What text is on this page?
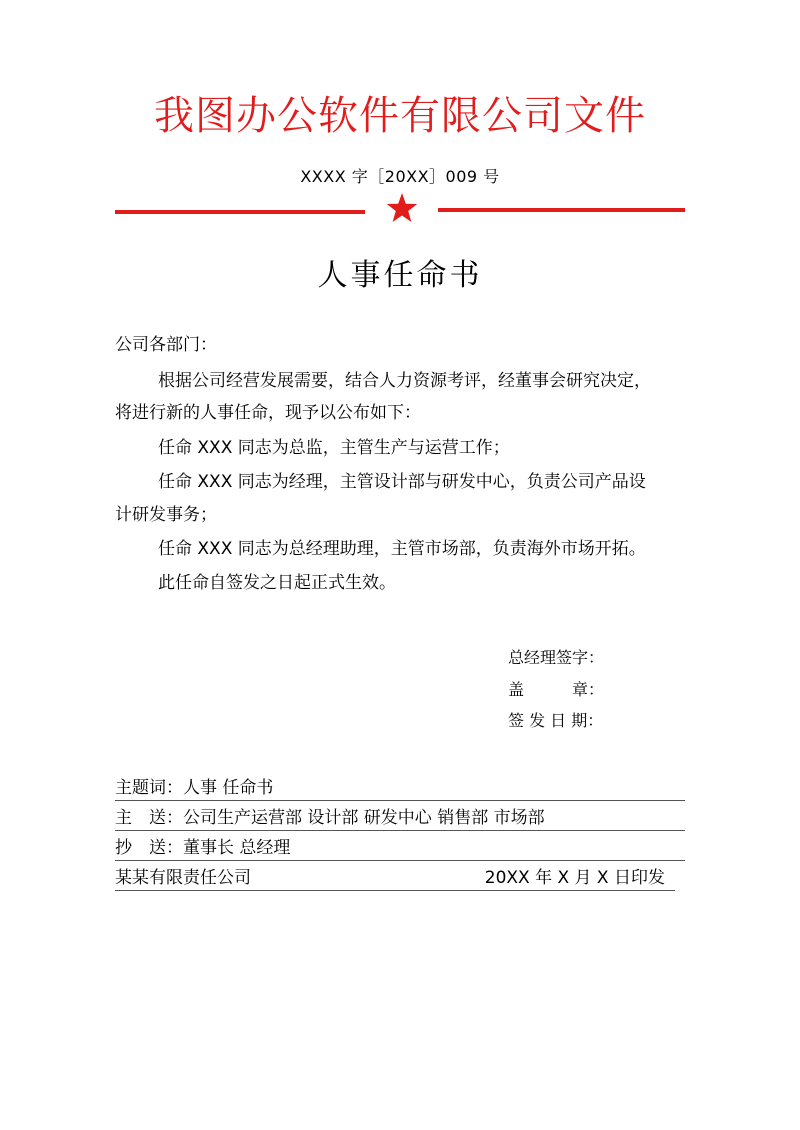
我图办公软件有限公司文件
XXXX 字［20XX］009 号
人事任命书
公司各部门：
根据公司经营发展需要，结合人力资源考评，经董事会研究决定，
将进行新的人事任命，现予以公布如下：
任命 XXX 同志为总监，主管生产与运营工作；
任命 XXX 同志为经理，主管设计部与研发中心，负责公司产品设
计研发事务；
任命 XXX 同志为总经理助理，主管市场部，负责海外市场开拓。
此任命自签发之日起正式生效。
总经理签字：
盖　　　章：
签 发 日 期：
主题词：人事 任命书
主　送：公司生产运营部 设计部 研发中心 销售部 市场部
抄　送：董事长 总经理
某某有限责任公司	20XX 年 X 月 X 日印发
